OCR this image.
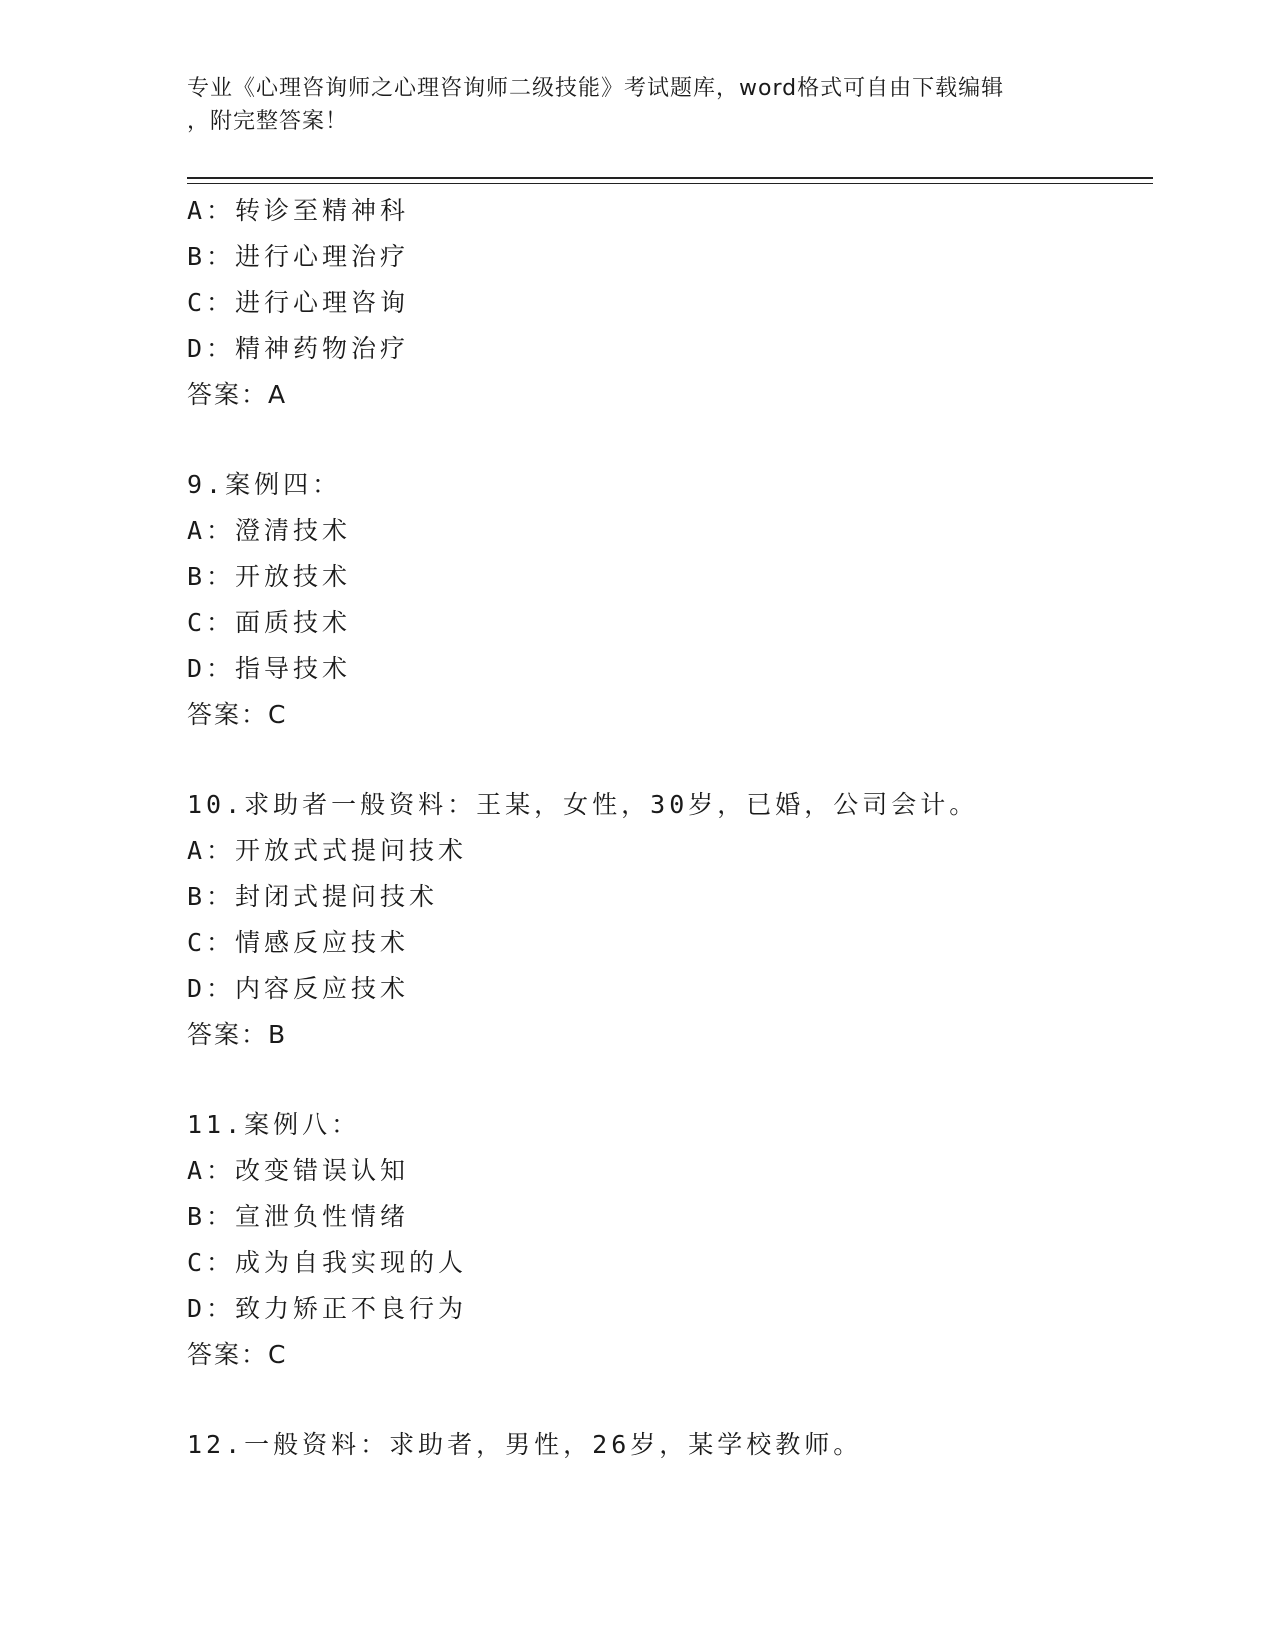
专业《心理咨询师之心理咨询师二级技能》考试题库，word格式可自由下载编辑
，附完整答案！
A：转诊至精神科
B：进行心理治疗
C：进行心理咨询
D：精神药物治疗
答案：A
9.案例四：
A：澄清技术
B：开放技术
C：面质技术
D：指导技术
答案：C
10.求助者一般资料：王某，女性，30岁，已婚，公司会计。
A：开放式式提问技术
B：封闭式提问技术
C：情感反应技术
D：内容反应技术
答案：B
11.案例八：
A：改变错误认知
B：宣泄负性情绪
C：成为自我实现的人
D：致力矫正不良行为
答案：C
12.一般资料：求助者，男性，26岁，某学校教师。
